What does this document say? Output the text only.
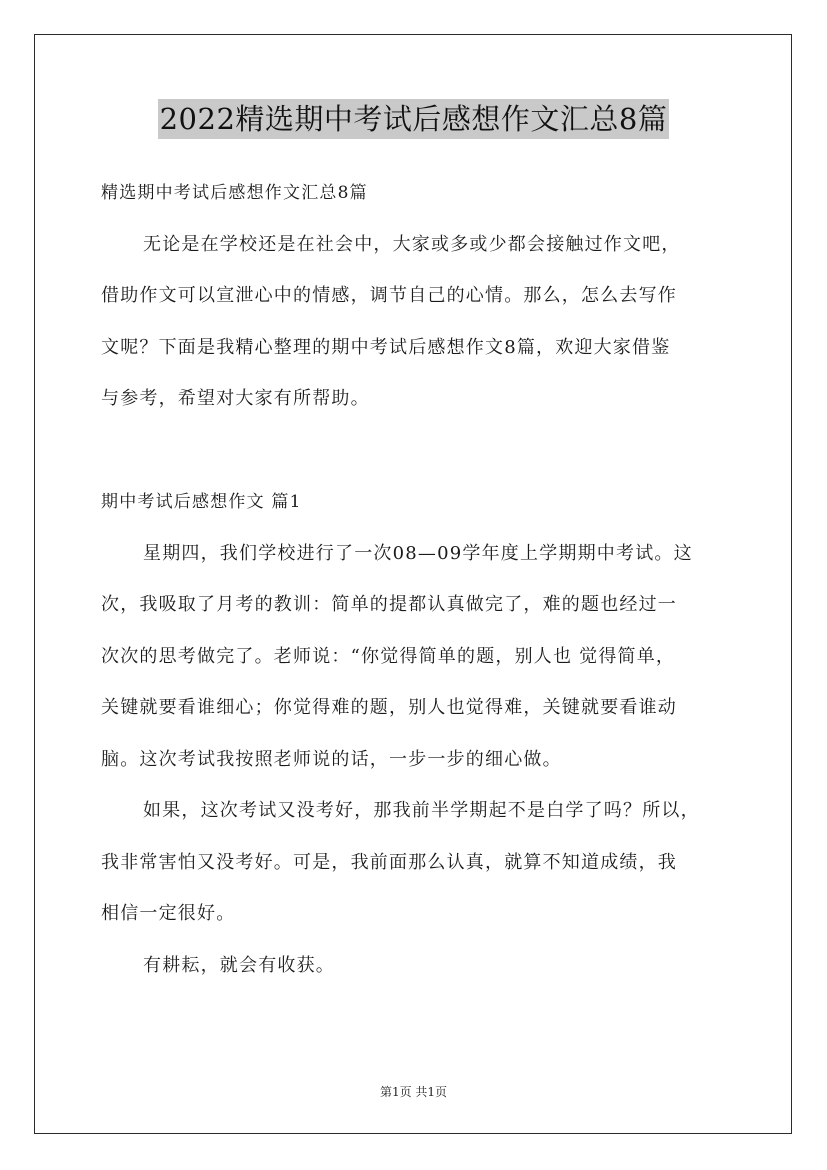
2022精选期中考试后感想作文汇总8篇
精选期中考试后感想作文汇总8篇
无论是在学校还是在社会中，大家或多或少都会接触过作文吧，
借助作文可以宣泄心中的情感，调节自己的心情。那么，怎么去写作
文呢？下面是我精心整理的期中考试后感想作文8篇，欢迎大家借鉴
与参考，希望对大家有所帮助。
期中考试后感想作文 篇1
星期四，我们学校进行了一次08—09学年度上学期期中考试。这
次，我吸取了月考的教训：简单的提都认真做完了，难的题也经过一
次次的思考做完了。老师说：“你觉得简单的题，别人也 觉得简单，
关键就要看谁细心；你觉得难的题，别人也觉得难，关键就要看谁动
脑。这次考试我按照老师说的话，一步一步的细心做。
如果，这次考试又没考好，那我前半学期起不是白学了吗？所以，
我非常害怕又没考好。可是，我前面那么认真，就算不知道成绩，我
相信一定很好。
有耕耘，就会有收获。
第1页 共1页
